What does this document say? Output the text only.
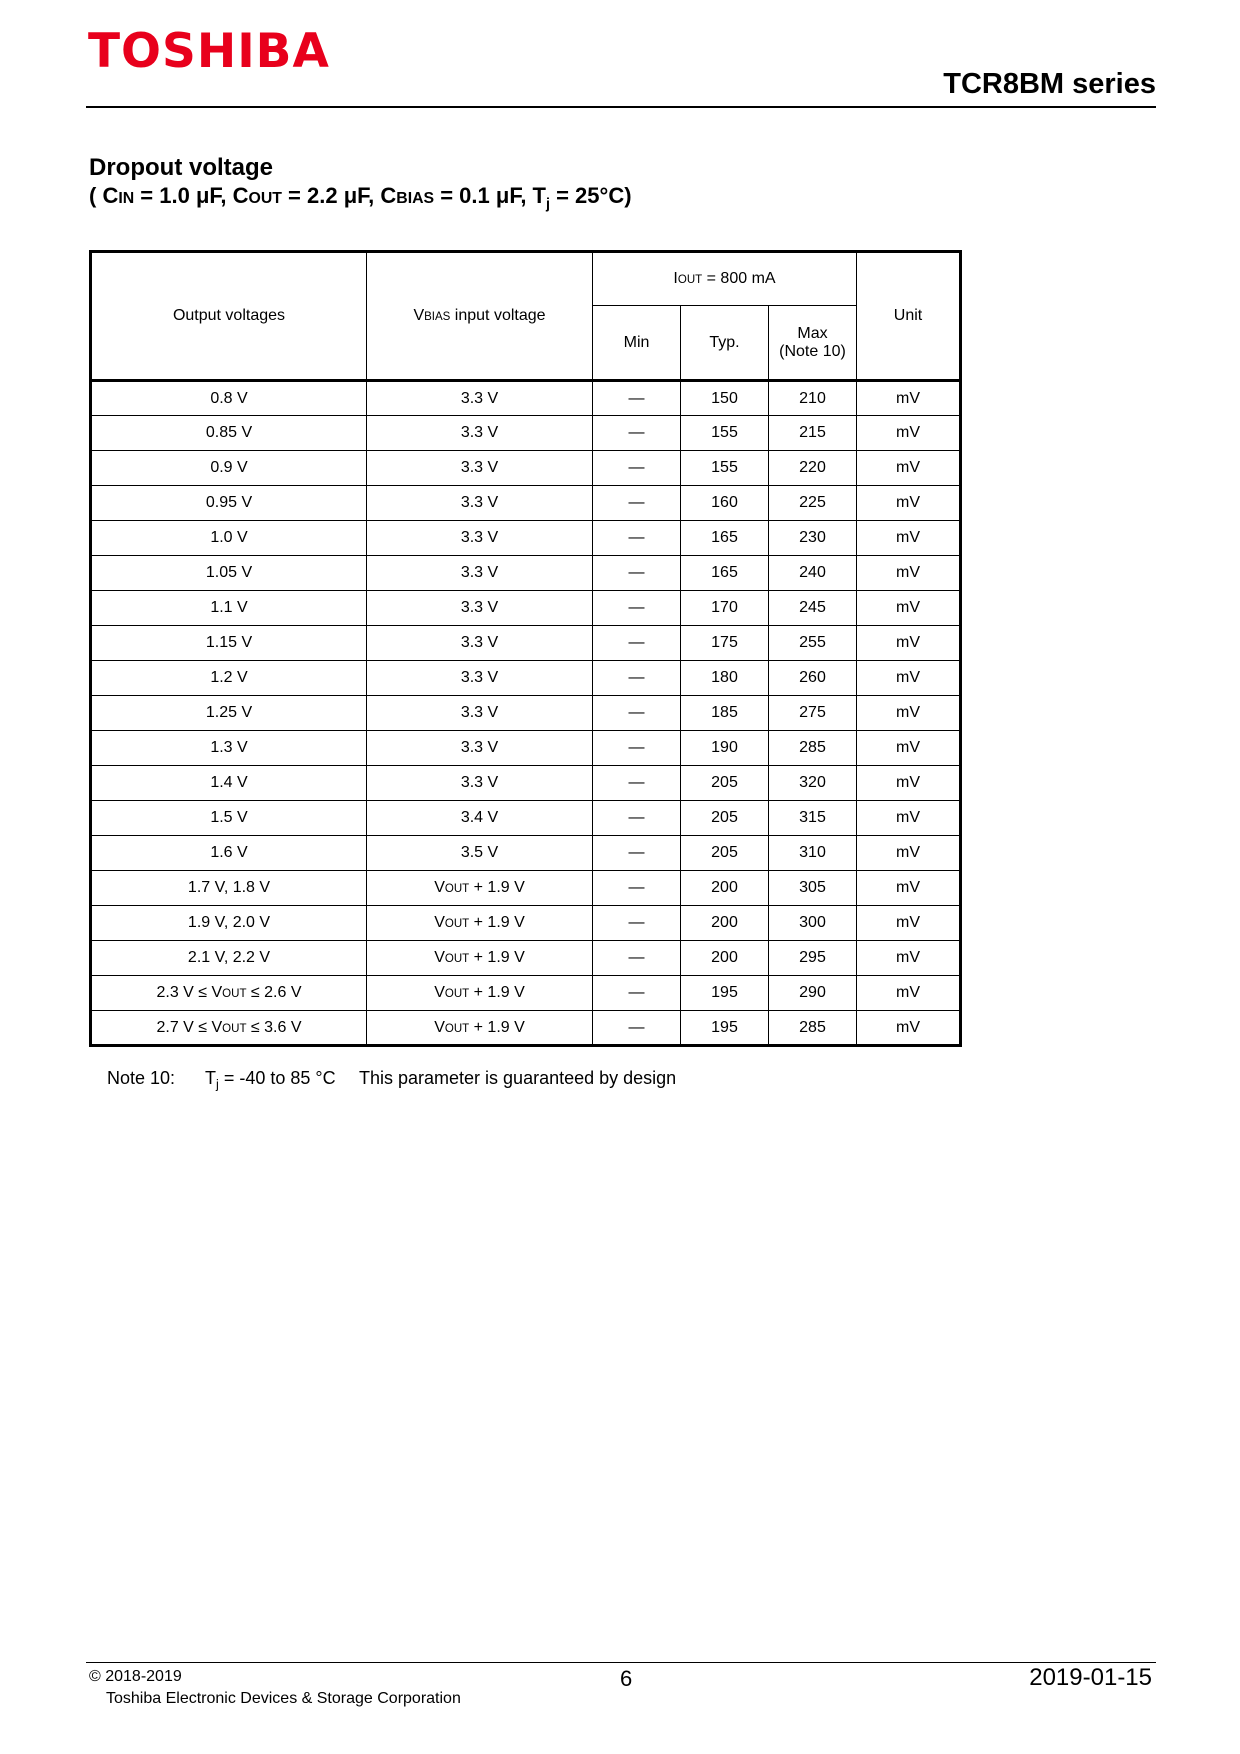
TOSHIBA
TCR8BM series
Dropout voltage
( CIN = 1.0 μF, COUT = 2.2 μF, CBIAS = 0.1 μF, $T_j = 25^\circ C$)
Output voltages	VBIAS input voltage	IOUT = 800 mA			Unit
		Min	Typ.	Max
(Note 10)	
0.8 V	3.3 V	—	150	210	mV
0.85 V	3.3 V	—	155	215	mV
0.9 V	3.3 V	—	155	220	mV
0.95 V	3.3 V	—	160	225	mV
1.0 V	3.3 V	—	165	230	mV
1.05 V	3.3 V	—	165	240	mV
1.1 V	3.3 V	—	170	245	mV
1.15 V	3.3 V	—	175	255	mV
1.2 V	3.3 V	—	180	260	mV
1.25 V	3.3 V	—	185	275	mV
1.3 V	3.3 V	—	190	285	mV
1.4 V	3.3 V	—	205	320	mV
1.5 V	3.4 V	—	205	315	mV
1.6 V	3.5 V	—	205	310	mV
1.7 V, 1.8 V	VOUT + 1.9 V	—	200	305	mV
1.9 V, 2.0 V	VOUT + 1.9 V	—	200	300	mV
2.1 V, 2.2 V	VOUT + 1.9 V	—	200	295	mV
2.3 V ≤ VOUT ≤ 2.6 V	VOUT + 1.9 V	—	195	290	mV
2.7 V ≤ VOUT ≤ 3.6 V	VOUT + 1.9 V	—	195	285	mV
Note 10: $T_j = -40$ to 85 °C This parameter is guaranteed by design
© 2018-2019
Toshiba Electronic Devices & Storage Corporation
6	2019-01-15
